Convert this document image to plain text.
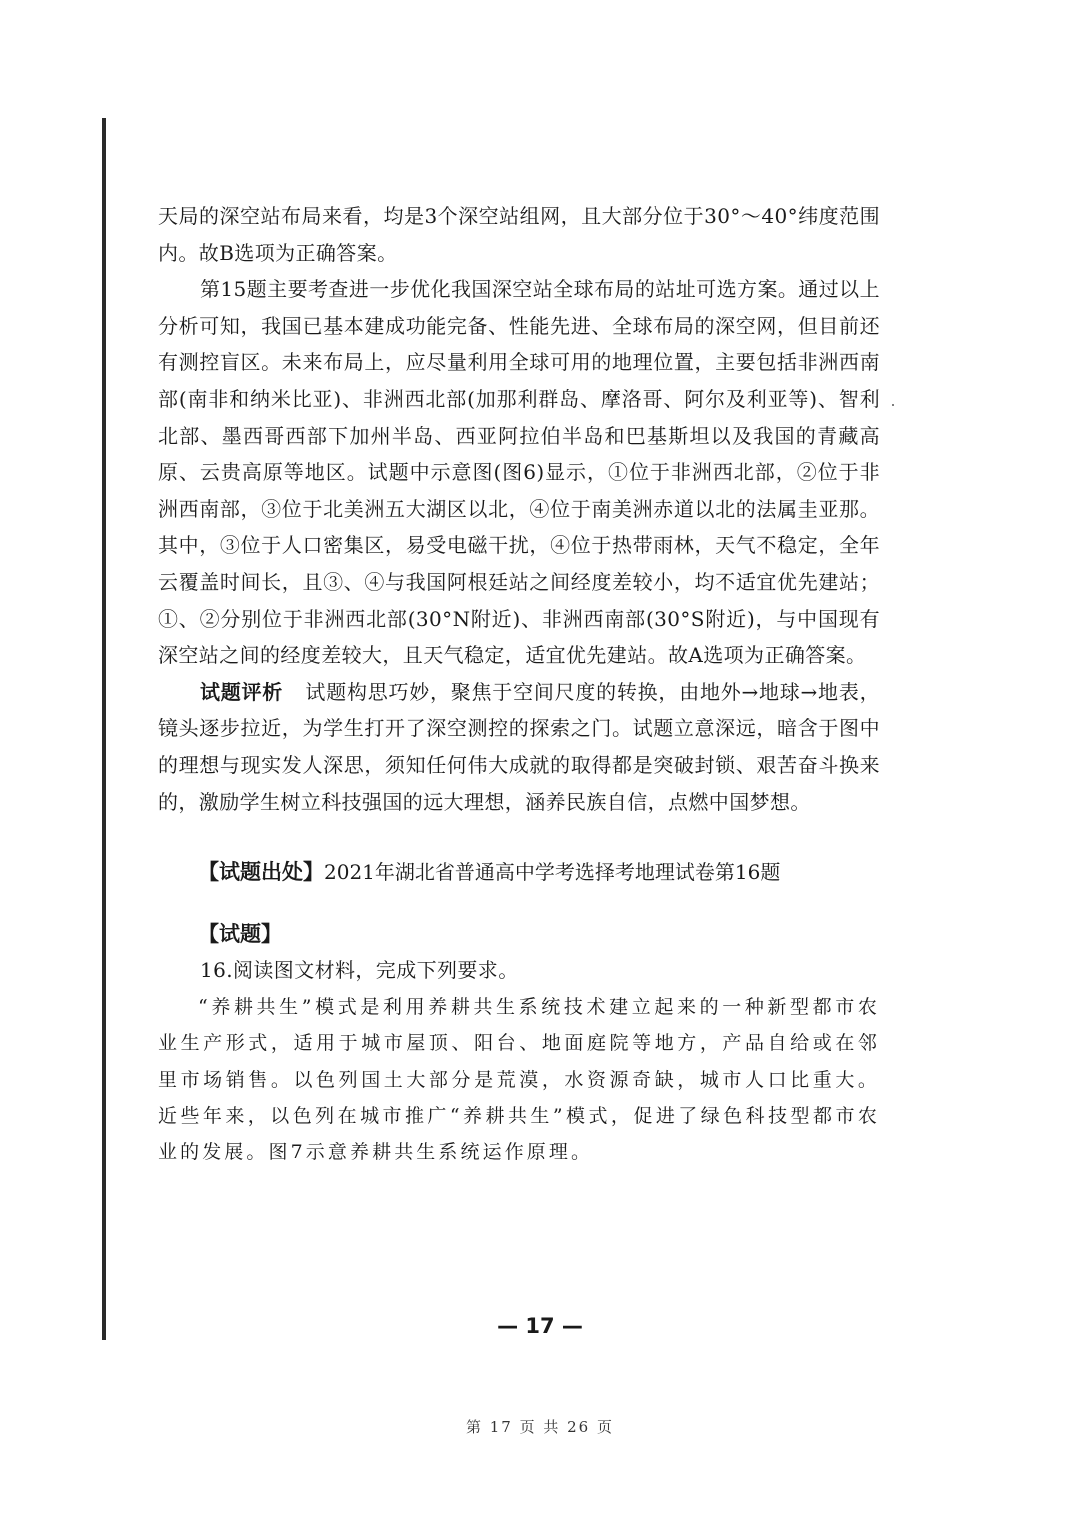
天局的深空站布局来看，均是3个深空站组网，且大部分位于30°～40°纬度范围内。故B选项为正确答案。

第15题主要考查进一步优化我国深空站全球布局的站址可选方案。通过以上分析可知，我国已基本建成功能完备、性能先进、全球布局的深空网，但目前还有测控盲区。未来布局上，应尽量利用全球可用的地理位置，主要包括非洲西南部(南非和纳米比亚)、非洲西北部(加那利群岛、摩洛哥、阿尔及利亚等)、智利北部、墨西哥西部下加州半岛、西亚阿拉伯半岛和巴基斯坦以及我国的青藏高原、云贵高原等地区。试题中示意图(图6)显示，①位于非洲西北部，②位于非洲西南部，③位于北美洲五大湖区以北，④位于南美洲赤道以北的法属圭亚那。其中，③位于人口密集区，易受电磁干扰，④位于热带雨林，天气不稳定，全年云覆盖时间长，且③、④与我国阿根廷站之间经度差较小，均不适宜优先建站；①、②分别位于非洲西北部(30°N附近)、非洲西南部(30°S附近)，与中国现有深空站之间的经度差较大，且天气稳定，适宜优先建站。故A选项为正确答案。

试题评析 试题构思巧妙，聚焦于空间尺度的转换，由地外→地球→地表，镜头逐步拉近，为学生打开了深空测控的探索之门。试题立意深远，暗含于图中的理想与现实发人深思，须知任何伟大成就的取得都是突破封锁、艰苦奋斗换来的，激励学生树立科技强国的远大理想，涵养民族自信，点燃中国梦想。

【试题出处】2021年湖北省普通高中学考选择考地理试卷第16题

【试题】

16.阅读图文材料，完成下列要求。

“养耕共生”模式是利用养耕共生系统技术建立起来的一种新型都市农业生产形式，适用于城市屋顶、阳台、地面庭院等地方，产品自给或在邻里市场销售。以色列国土大部分是荒漠，水资源奇缺，城市人口比重大。近些年来，以色列在城市推广“养耕共生”模式，促进了绿色科技型都市农业的发展。图7示意养耕共生系统运作原理。

— 17 —
第 17 页 共 26 页
